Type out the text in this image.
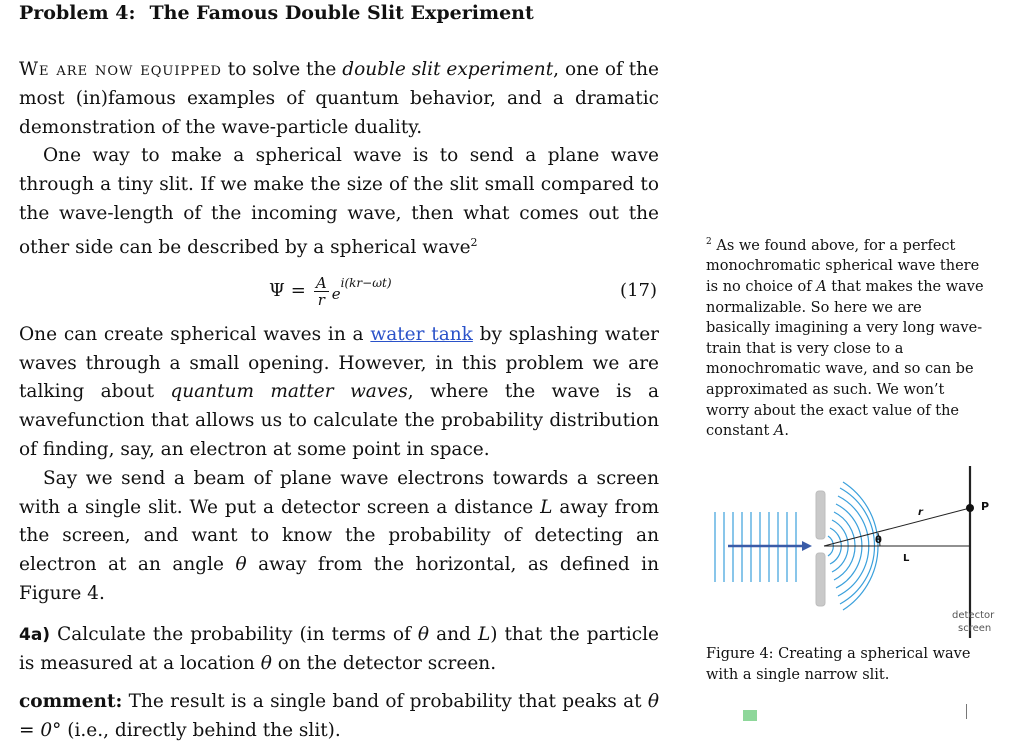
Problem 4: The Famous Double Slit Experiment

We are now equipped to solve the double slit experiment, one of the most (in)famous examples of quantum behavior, and a dramatic demonstration of the wave-particle duality.

One way to make a spherical wave is to send a plane wave through a tiny slit. If we make the size of the slit small compared to the wave-length of the incoming wave, then what comes out the other side can be described by a spherical wave$^2$

$\Psi = \frac{A}{r} e^{i(kr-\omega t)}$	(17)

One can create spherical waves in a water tank by splashing water waves through a small opening. However, in this problem we are talking about quantum matter waves, where the wave is a wavefunction that allows us to calculate the probability distribution of finding, say, an electron at some point in space.

Say we send a beam of plane wave electrons towards a screen with a single slit. We put a detector screen a distance L away from the screen, and want to know the probability of detecting an electron at an angle θ away from the horizontal, as defined in Figure 4.

4a) Calculate the probability (in terms of θ and L) that the particle is measured at a location θ on the detector screen.

comment: The result is a single band of probability that peaks at θ = 0° (i.e., directly behind the slit).

$^2$ As we found above, for a perfect monochromatic spherical wave there is no choice of A that makes the wave normalizable. So here we are basically imagining a very long wave-train that is very close to a monochromatic wave, and so can be approximated as such. We won’t worry about the exact value of the constant A.

P
r
θ
L
detector
screen
Figure 4: Creating a spherical wave with a single narrow slit.
